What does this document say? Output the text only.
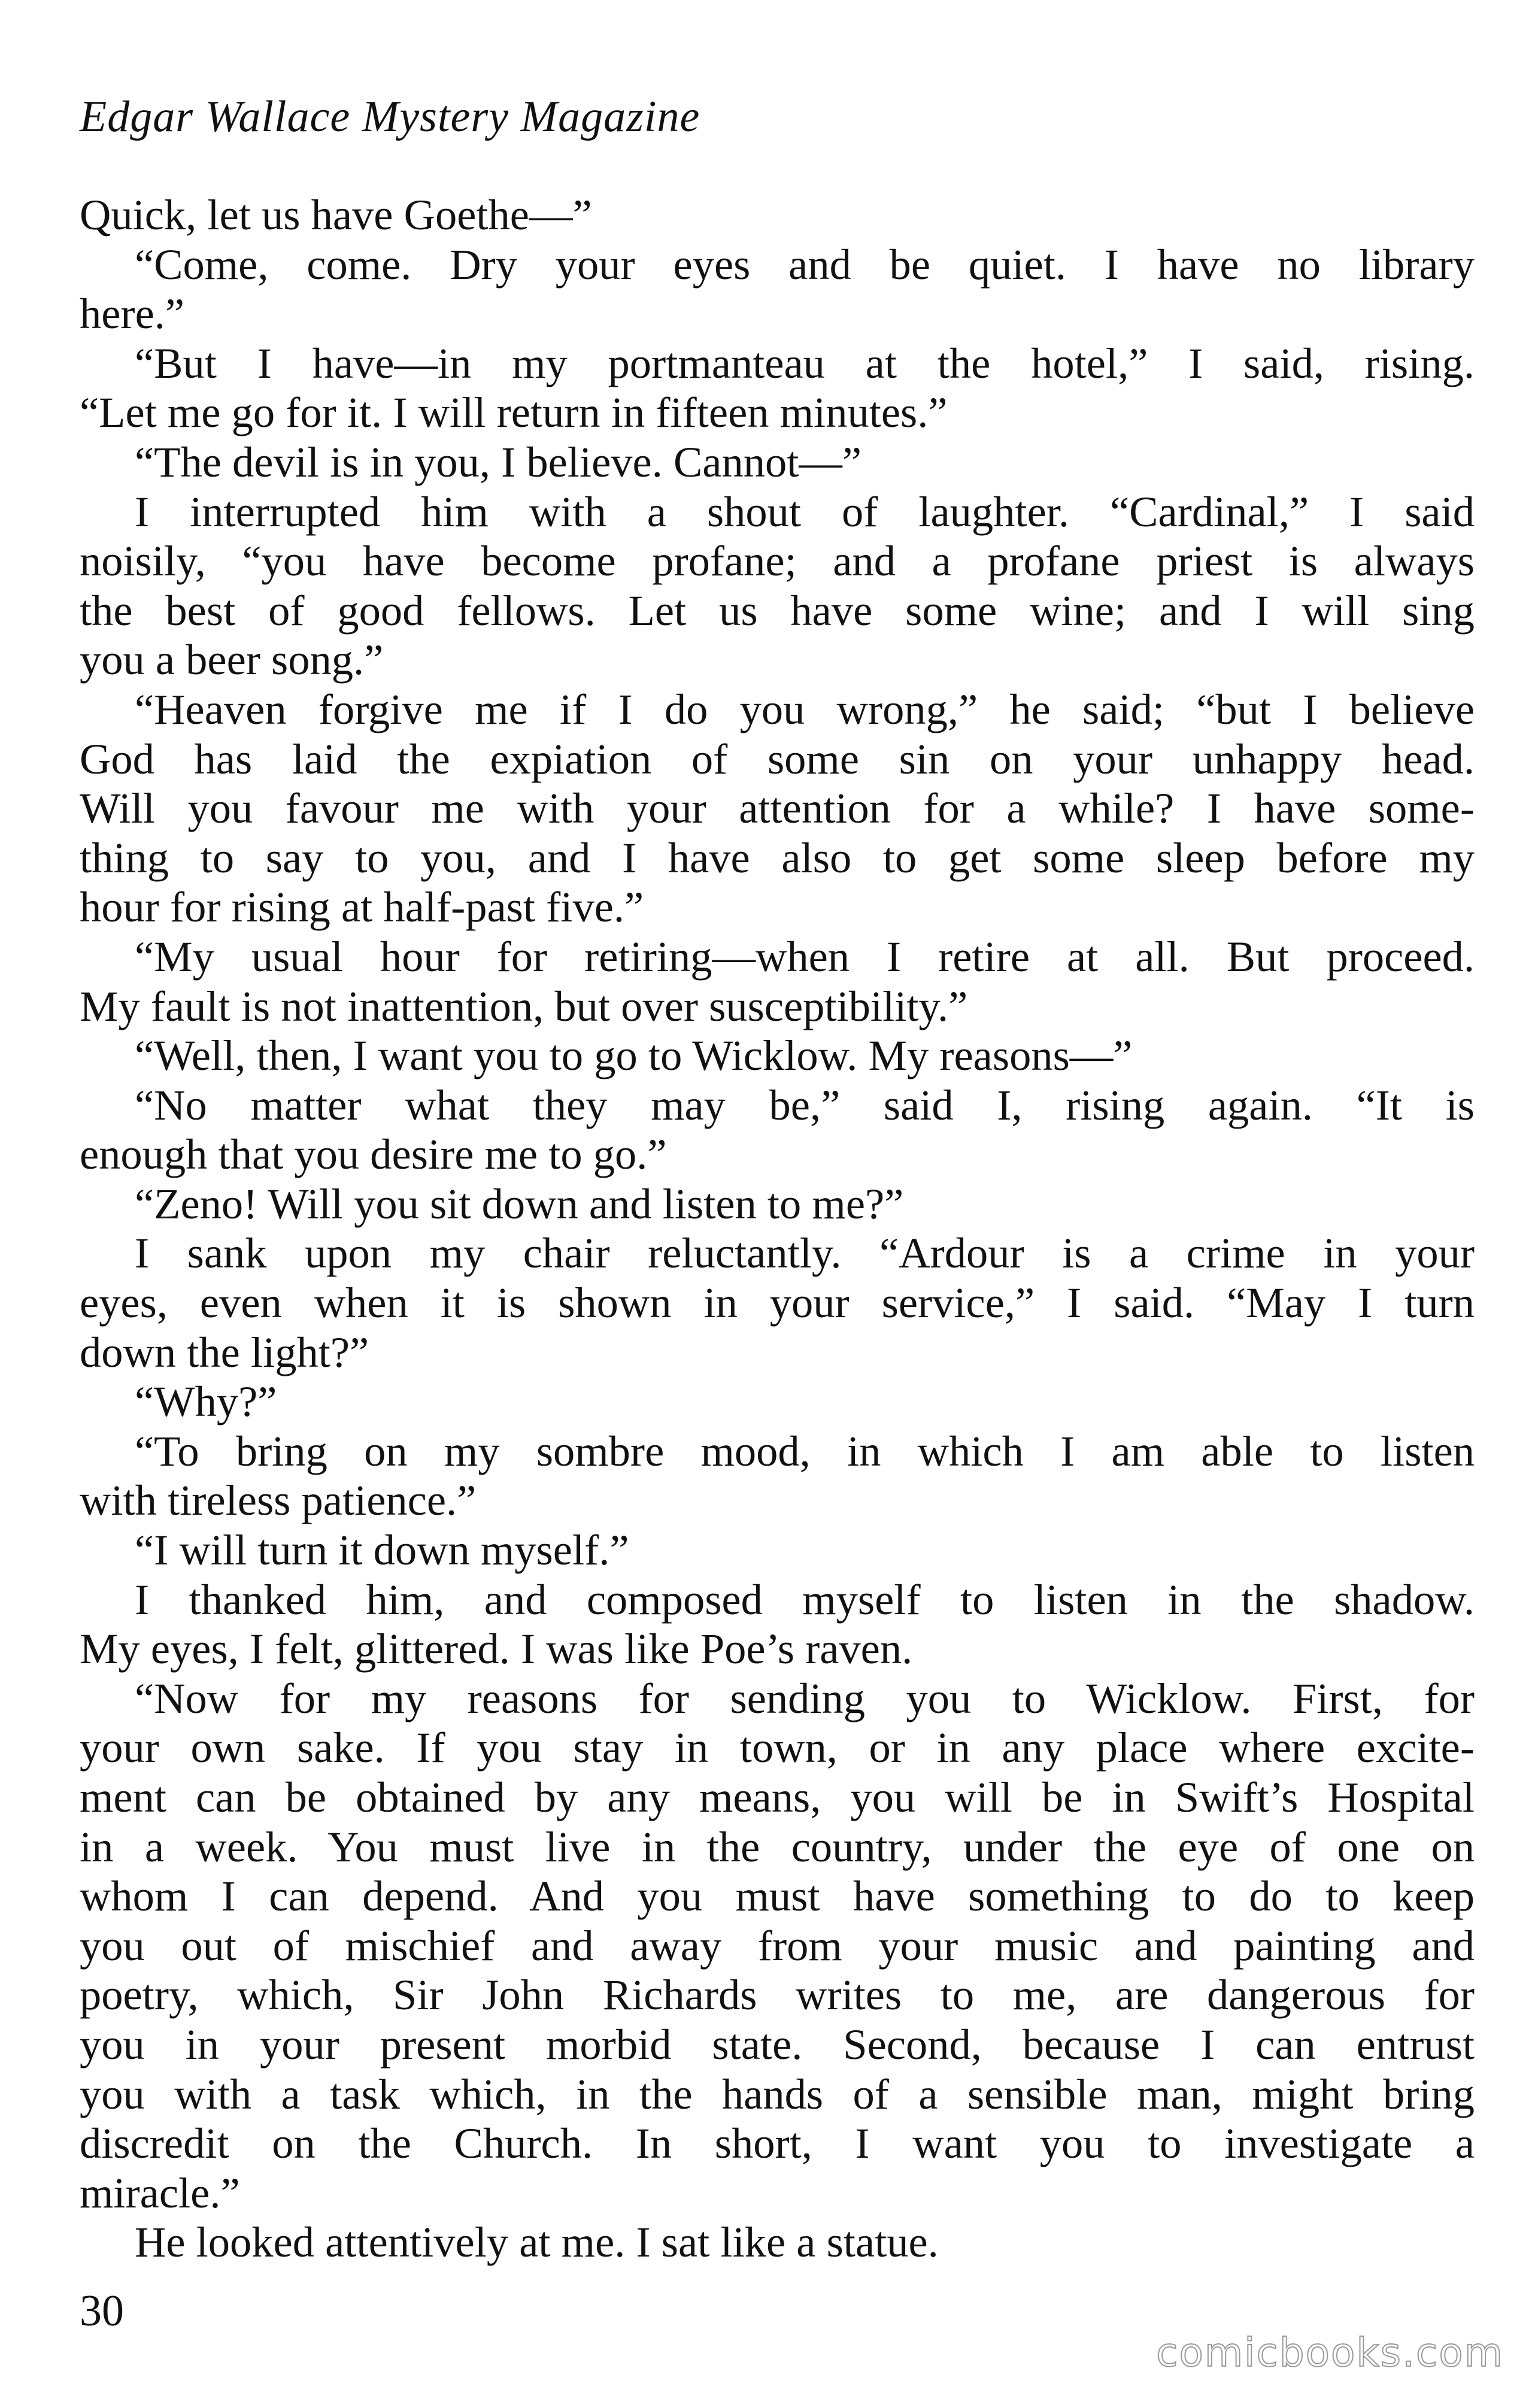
Edgar Wallace Mystery Magazine
Quick, let us have Goethe—”
“Come, come. Dry your eyes and be quiet. I have no library
here.”
“But I have—in my portmanteau at the hotel,” I said, rising.
“Let me go for it. I will return in fifteen minutes.”
“The devil is in you, I believe. Cannot—”
I interrupted him with a shout of laughter. “Cardinal,” I said
noisily, “you have become profane; and a profane priest is always
the best of good fellows. Let us have some wine; and I will sing
you a beer song.”
“Heaven forgive me if I do you wrong,” he said; “but I believe
God has laid the expiation of some sin on your unhappy head.
Will you favour me with your attention for a while? I have some-
thing to say to you, and I have also to get some sleep before my
hour for rising at half-past five.”
“My usual hour for retiring—when I retire at all. But proceed.
My fault is not inattention, but over susceptibility.”
“Well, then, I want you to go to Wicklow. My reasons—”
“No matter what they may be,” said I, rising again. “It is
enough that you desire me to go.”
“Zeno! Will you sit down and listen to me?”
I sank upon my chair reluctantly. “Ardour is a crime in your
eyes, even when it is shown in your service,” I said. “May I turn
down the light?”
“Why?”
“To bring on my sombre mood, in which I am able to listen
with tireless patience.”
“I will turn it down myself.”
I thanked him, and composed myself to listen in the shadow.
My eyes, I felt, glittered. I was like Poe’s raven.
“Now for my reasons for sending you to Wicklow. First, for
your own sake. If you stay in town, or in any place where excite-
ment can be obtained by any means, you will be in Swift’s Hospital
in a week. You must live in the country, under the eye of one on
whom I can depend. And you must have something to do to keep
you out of mischief and away from your music and painting and
poetry, which, Sir John Richards writes to me, are dangerous for
you in your present morbid state. Second, because I can entrust
you with a task which, in the hands of a sensible man, might bring
discredit on the Church. In short, I want you to investigate a
miracle.”
He looked attentively at me. I sat like a statue.
30
comicbooks.com
